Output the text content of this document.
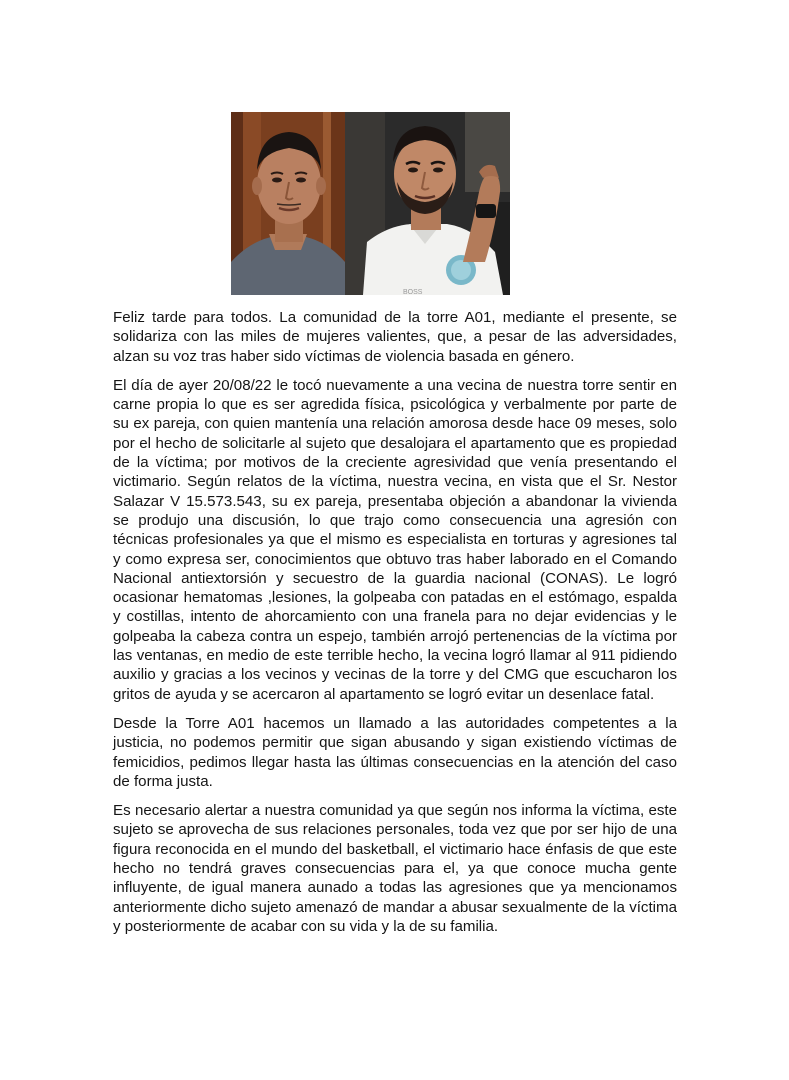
BOSS

Feliz tarde para todos. La comunidad de la torre A01, mediante el presente, se solidariza con las miles de mujeres valientes, que, a pesar de las adversidades, alzan su voz tras haber sido víctimas de violencia basada en género.

El día de ayer 20/08/22 le tocó nuevamente a una vecina de nuestra torre sentir en carne propia lo que es ser agredida física, psicológica y verbalmente por parte de su ex pareja, con quien mantenía una relación amorosa desde hace 09 meses, solo por el hecho de solicitarle al sujeto que desalojara el apartamento que es propiedad de la víctima; por motivos de la creciente agresividad que venía presentando el victimario. Según relatos de la víctima, nuestra vecina, en vista que el Sr. Nestor Salazar V 15.573.543, su ex pareja, presentaba objeción a abandonar la vivienda se produjo una discusión, lo que trajo como consecuencia una agresión con técnicas profesionales ya que el mismo es especialista en torturas y agresiones tal y como expresa ser, conocimientos que obtuvo tras haber laborado en el Comando Nacional antiextorsión y secuestro de la guardia nacional (CONAS). Le logró ocasionar hematomas ,lesiones, la golpeaba con patadas en el estómago, espalda y costillas, intento de ahorcamiento con una franela para no dejar evidencias y le golpeaba la cabeza contra un espejo, también arrojó pertenencias de la víctima por las ventanas, en medio de este terrible hecho, la vecina logró llamar al 911 pidiendo auxilio y gracias a los vecinos y vecinas de la torre y del CMG que escucharon los gritos de ayuda y se acercaron al apartamento se logró evitar un desenlace fatal.

Desde la Torre A01 hacemos un llamado a las autoridades competentes a la justicia, no podemos permitir que sigan abusando y sigan existiendo víctimas de femicidios, pedimos llegar hasta las últimas consecuencias en la atención del caso de forma justa.

Es necesario alertar a nuestra comunidad ya que según nos informa la víctima, este sujeto se aprovecha de sus relaciones personales, toda vez que por ser hijo de una figura reconocida en el mundo del basketball, el victimario hace énfasis de que este hecho no tendrá graves consecuencias para el, ya que conoce mucha gente influyente, de igual manera aunado a todas las agresiones que ya mencionamos anteriormente dicho sujeto amenazó de mandar a abusar sexualmente de la víctima y posteriormente de acabar con su vida y la de su familia.
